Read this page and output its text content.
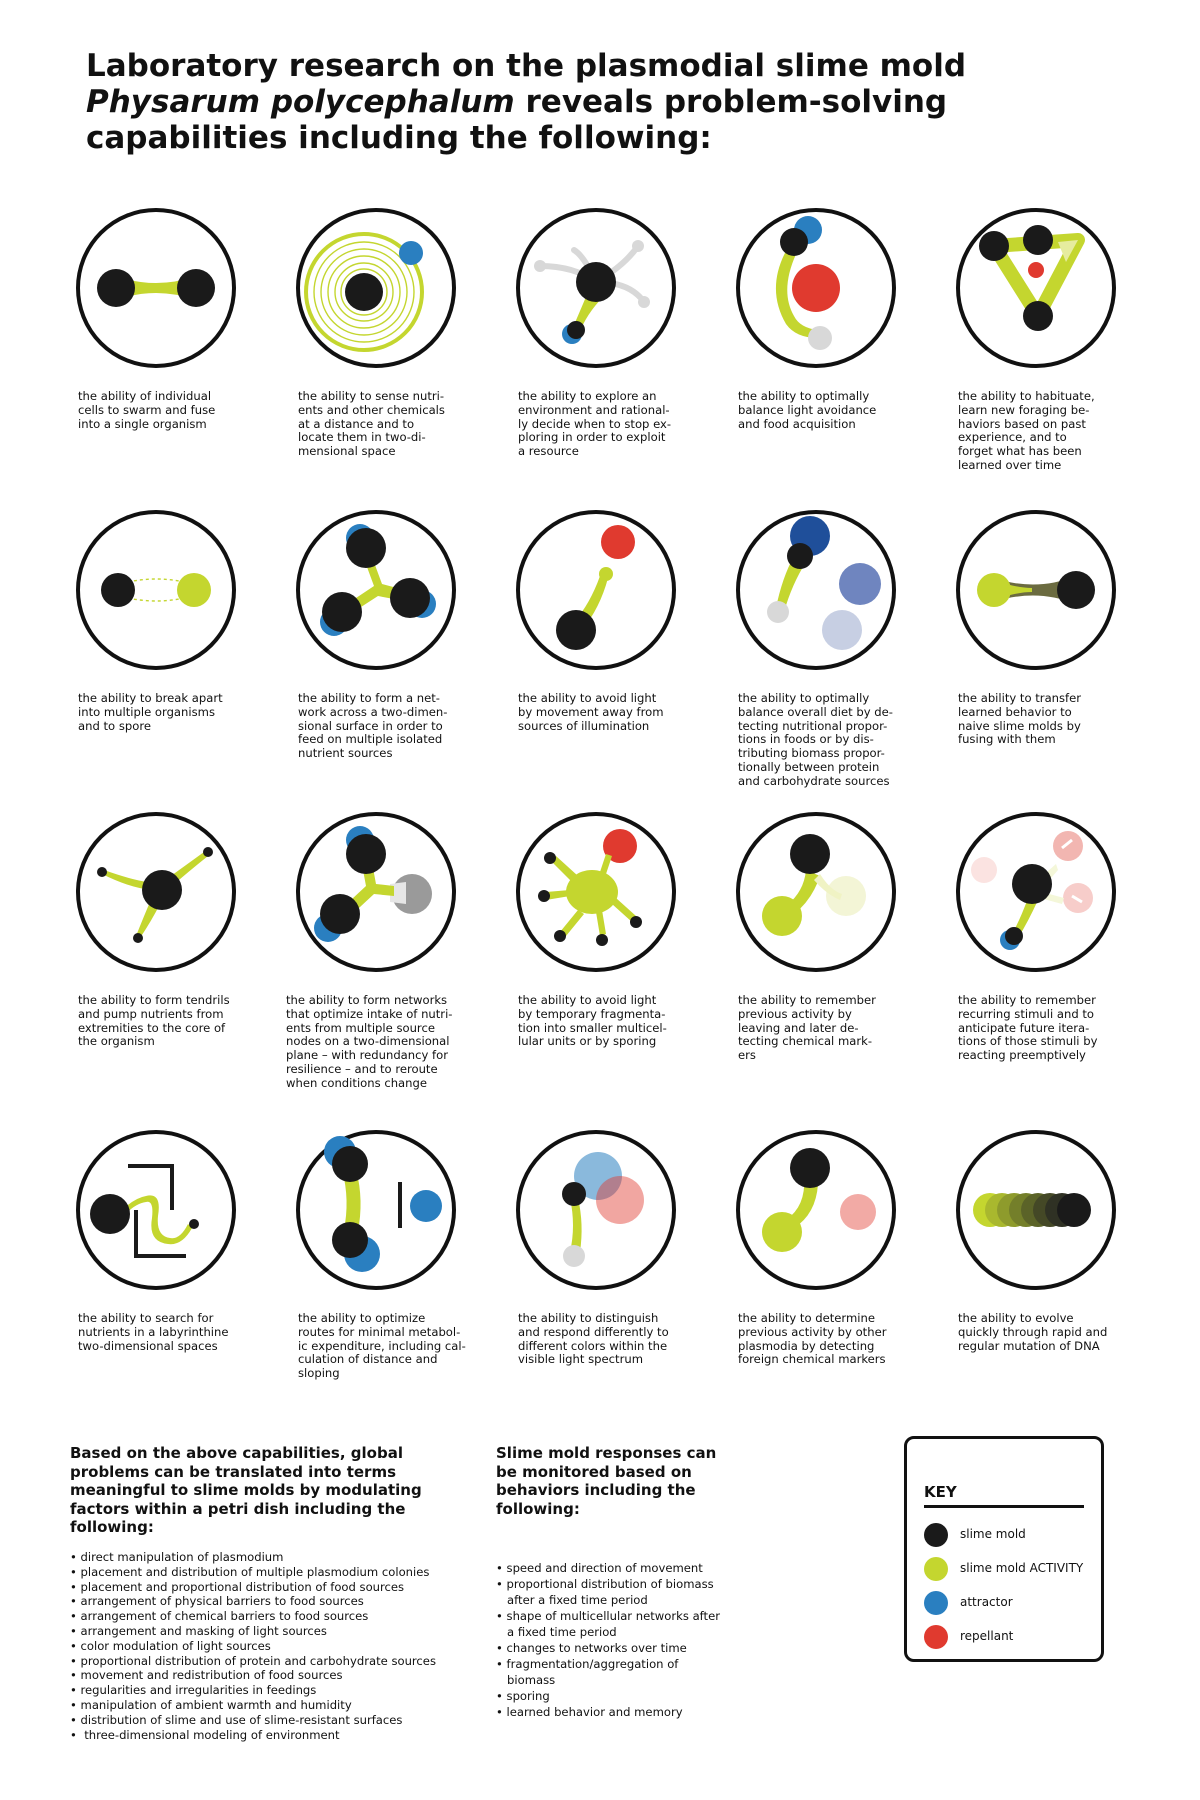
Laboratory research on the plasmodial slime mold
Physarum polycephalum reveals problem-solving
capabilities including the following:
the ability of individual
cells to swarm and fuse
into a single organism
the ability to sense nutri-
ents and other chemicals
at a distance and to
locate them in two-di-
mensional space
the ability to explore an
environment and rational-
ly decide when to stop ex-
ploring in order to exploit
a resource
the ability to optimally
balance light avoidance
and food acquisition
the ability to habituate,
learn new foraging be-
haviors based on past
experience, and to
forget what has been
learned over time
the ability to break apart
into multiple organisms
and to spore
the ability to form a net-
work across a two-dimen-
sional surface in order to
feed on multiple isolated
nutrient sources
the ability to avoid light
by movement away from
sources of illumination
the ability to optimally
balance overall diet by de-
tecting nutritional propor-
tions in foods or by dis-
tributing biomass propor-
tionally between protein
and carbohydrate sources
the ability to transfer
learned behavior to
naive slime molds by
fusing with them
the ability to form tendrils
and pump nutrients from
extremities to the core of
the organism
the ability to form networks
that optimize intake of nutri-
ents from multiple source
nodes on a two-dimensional
plane – with redundancy for
resilience – and to reroute
when conditions change
the ability to avoid light
by temporary fragmenta-
tion into smaller multicel-
lular units or by sporing
the ability to remember
previous activity by
leaving and later de-
tecting chemical mark-
ers
the ability to remember
recurring stimuli and to
anticipate future itera-
tions of those stimuli by
reacting preemptively
the ability to search for
nutrients in a labyrinthine
two-dimensional spaces
the ability to optimize
routes for minimal metabol-
ic expenditure, including cal-
culation of distance and
sloping
the ability to distinguish
and respond differently to
different colors within the
visible light spectrum
the ability to determine
previous activity by other
plasmodia by detecting
foreign chemical markers
the ability to evolve
quickly through rapid and
regular mutation of DNA
Based on the above capabilities, global
problems can be translated into terms
meaningful to slime molds by modulating
factors within a petri dish including the
following:
• direct manipulation of plasmodium
• placement and distribution of multiple plasmodium colonies
• placement and proportional distribution of food sources
• arrangement of physical barriers to food sources
• arrangement of chemical barriers to food sources
• arrangement and masking of light sources
• color modulation of light sources
• proportional distribution of protein and carbohydrate sources
• movement and redistribution of food sources
• regularities and irregularities in feedings
• manipulation of ambient warmth and humidity
• distribution of slime and use of slime-resistant surfaces
•  three-dimensional modeling of environment
Slime mold responses can
be monitored based on
behaviors including the
following:
• speed and direction of movement
• proportional distribution of biomass
after a fixed time period
• shape of multicellular networks after
a fixed time period
• changes to networks over time
• fragmentation/aggregation of
biomass
• sporing
• learned behavior and memory

KEY

slime mold
slime mold ACTIVITY
attractor
repellant
